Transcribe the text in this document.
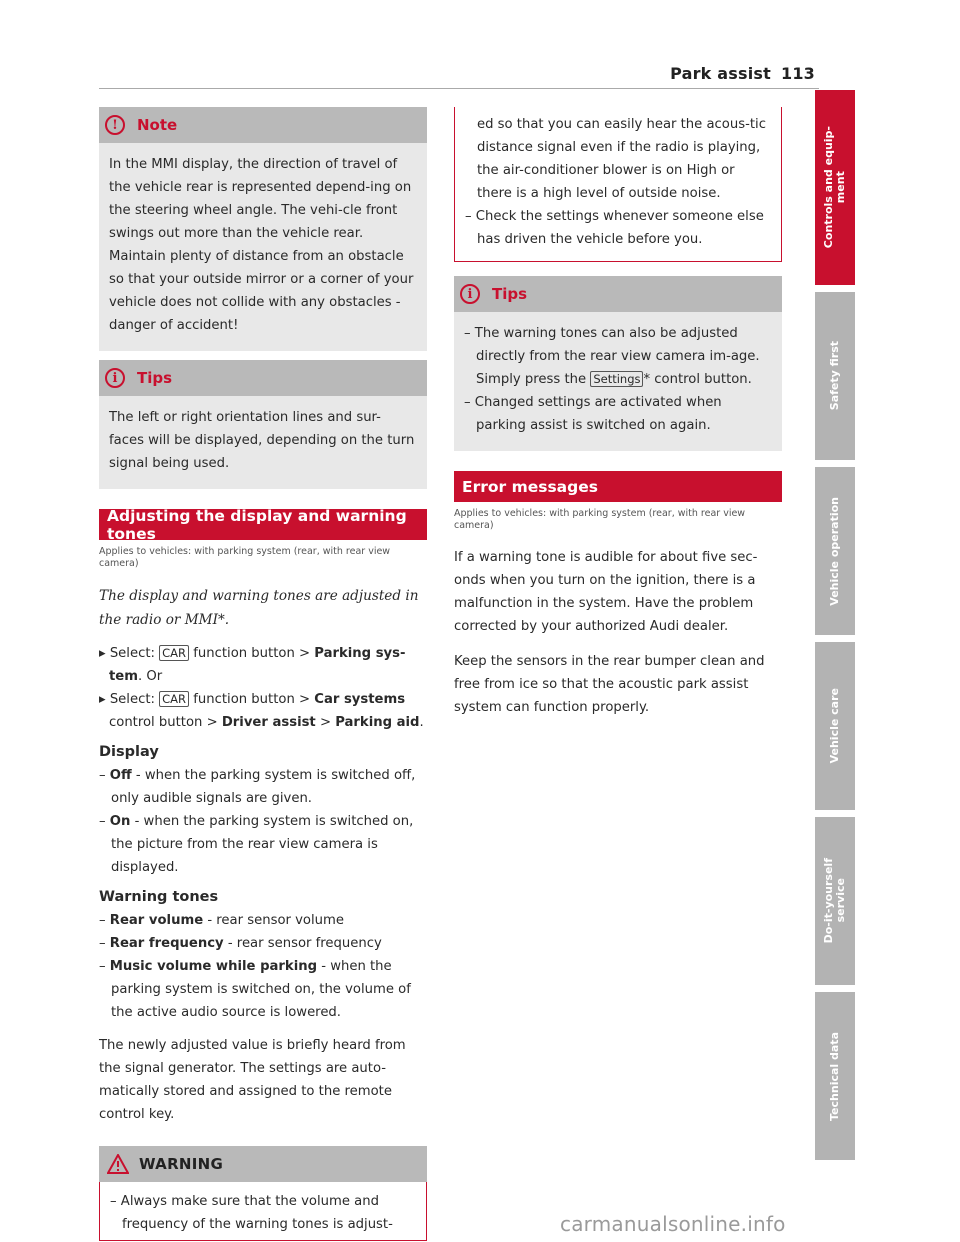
Park assist 113
!	Note

In the MMI display, the direction of travel of the vehicle rear is represented depend-ing on the steering wheel angle. The vehi-cle front swings out more than the vehicle rear. Maintain plenty of distance from an obstacle so that your outside mirror or a corner of your vehicle does not collide with any obstacles - danger of accident!

i	Tips

The left or right orientation lines and sur-faces will be displayed, depending on the turn signal being used.

Adjusting the display and warning tones
Applies to vehicles: with parking system (rear, with rear view camera)
The display and warning tones are adjusted in the radio or MMI*.
▸ Select: CAR function button > Parking sys-tem. Or
▸ Select: CAR function button > Car systems control button > Driver assist > Parking aid.
Display
– Off - when the parking system is switched off, only audible signals are given.
– On - when the parking system is switched on, the picture from the rear view camera is displayed.
Warning tones
– Rear volume - rear sensor volume
– Rear frequency - rear sensor frequency
– Music volume while parking - when the parking system is switched on, the volume of the active audio source is lowered.
The newly adjusted value is briefly heard from the signal generator. The settings are auto-matically stored and assigned to the remote control key.
WARNING
– Always make sure that the volume and frequency of the warning tones is adjust-
ed so that you can easily hear the acous-tic distance signal even if the radio is playing, the air-conditioner blower is on High or there is a high level of outside noise.
– Check the settings whenever someone else has driven the vehicle before you.
i	Tips
– The warning tones can also be adjusted directly from the rear view camera im-age. Simply press the Settings * control button.
– Changed settings are activated when parking assist is switched on again.
Error messages
Applies to vehicles: with parking system (rear, with rear view camera)
If a warning tone is audible for about five sec-onds when you turn on the ignition, there is a malfunction in the system. Have the problem corrected by your authorized Audi dealer.
Keep the sensors in the rear bumper clean and free from ice so that the acoustic park assist system can function properly.
Controls and equip-
ment
Safety first
Vehicle operation
Vehicle care
Do-it-yourself
service
Technical data
carmanualsonline.info
